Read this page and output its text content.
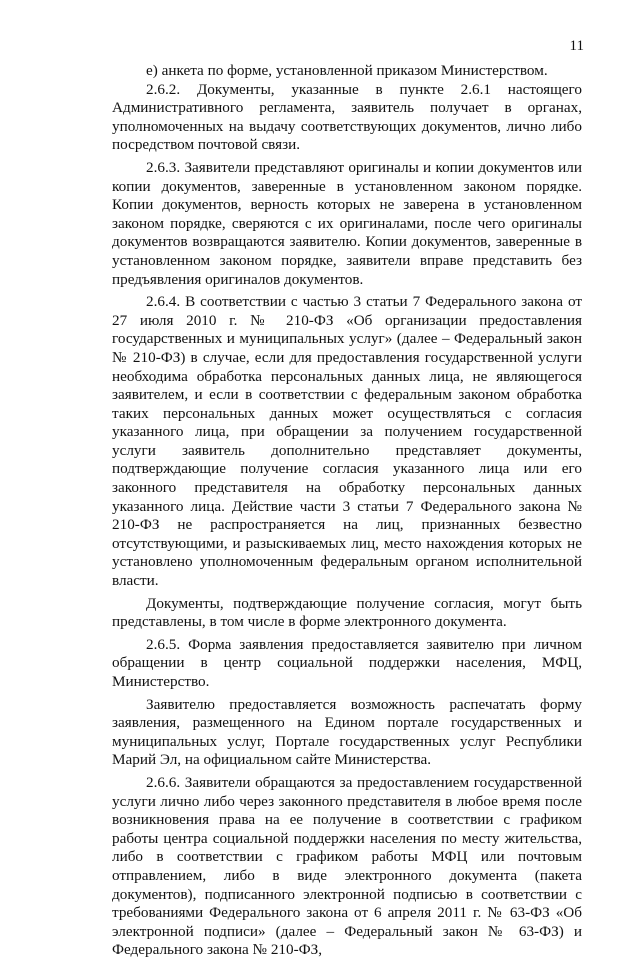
11

е) анкета по форме, установленной приказом Министерством.

2.6.2. Документы, указанные в пункте 2.6.1 настоящего Административного регламента, заявитель получает в органах, уполномоченных на выдачу соответствующих документов, лично либо посредством почтовой связи.

2.6.3. Заявители представляют оригиналы и копии документов или копии документов, заверенные в установленном законом порядке. Копии документов, верность которых не заверена в установленном законом порядке, сверяются с их оригиналами, после чего оригиналы документов возвращаются заявителю. Копии документов, заверенные в установленном законом порядке, заявители вправе представить без предъявления оригиналов документов.

2.6.4. В соответствии с частью 3 статьи 7 Федерального закона от 27 июля 2010 г. № 210-ФЗ «Об организации предоставления государственных и муниципальных услуг» (далее – Федеральный закон № 210-ФЗ) в случае, если для предоставления государственной услуги необходима обработка персональных данных лица, не являющегося заявителем, и если в соответствии с федеральным законом обработка таких персональных данных может осуществляться с согласия указанного лица, при обращении за получением государственной услуги заявитель дополнительно представляет документы, подтверждающие получение согласия указанного лица или его законного представителя на обработку персональных данных указанного лица. Действие части 3 статьи 7 Федерального закона № 210-ФЗ не распространяется на лиц, признанных безвестно отсутствующими, и разыскиваемых лиц, место нахождения которых не установлено уполномоченным федеральным органом исполнительной власти.

Документы, подтверждающие получение согласия, могут быть представлены, в том числе в форме электронного документа.

2.6.5. Форма заявления предоставляется заявителю при личном обращении в центр социальной поддержки населения, МФЦ, Министерство.

Заявителю предоставляется возможность распечатать форму заявления, размещенного на Едином портале государственных и муниципальных услуг, Портале государственных услуг Республики Марий Эл, на официальном сайте Министерства.

2.6.6. Заявители обращаются за предоставлением государственной услуги лично либо через законного представителя в любое время после возникновения права на ее получение в соответствии с графиком работы центра социальной поддержки населения по месту жительства, либо в соответствии с графиком работы МФЦ или почтовым отправлением, либо в виде электронного документа (пакета документов), подписанного электронной подписью в соответствии с требованиями Федерального закона от 6 апреля 2011 г. № 63-ФЗ «Об электронной подписи» (далее – Федеральный закон № 63-ФЗ) и Федерального закона № 210-ФЗ,
